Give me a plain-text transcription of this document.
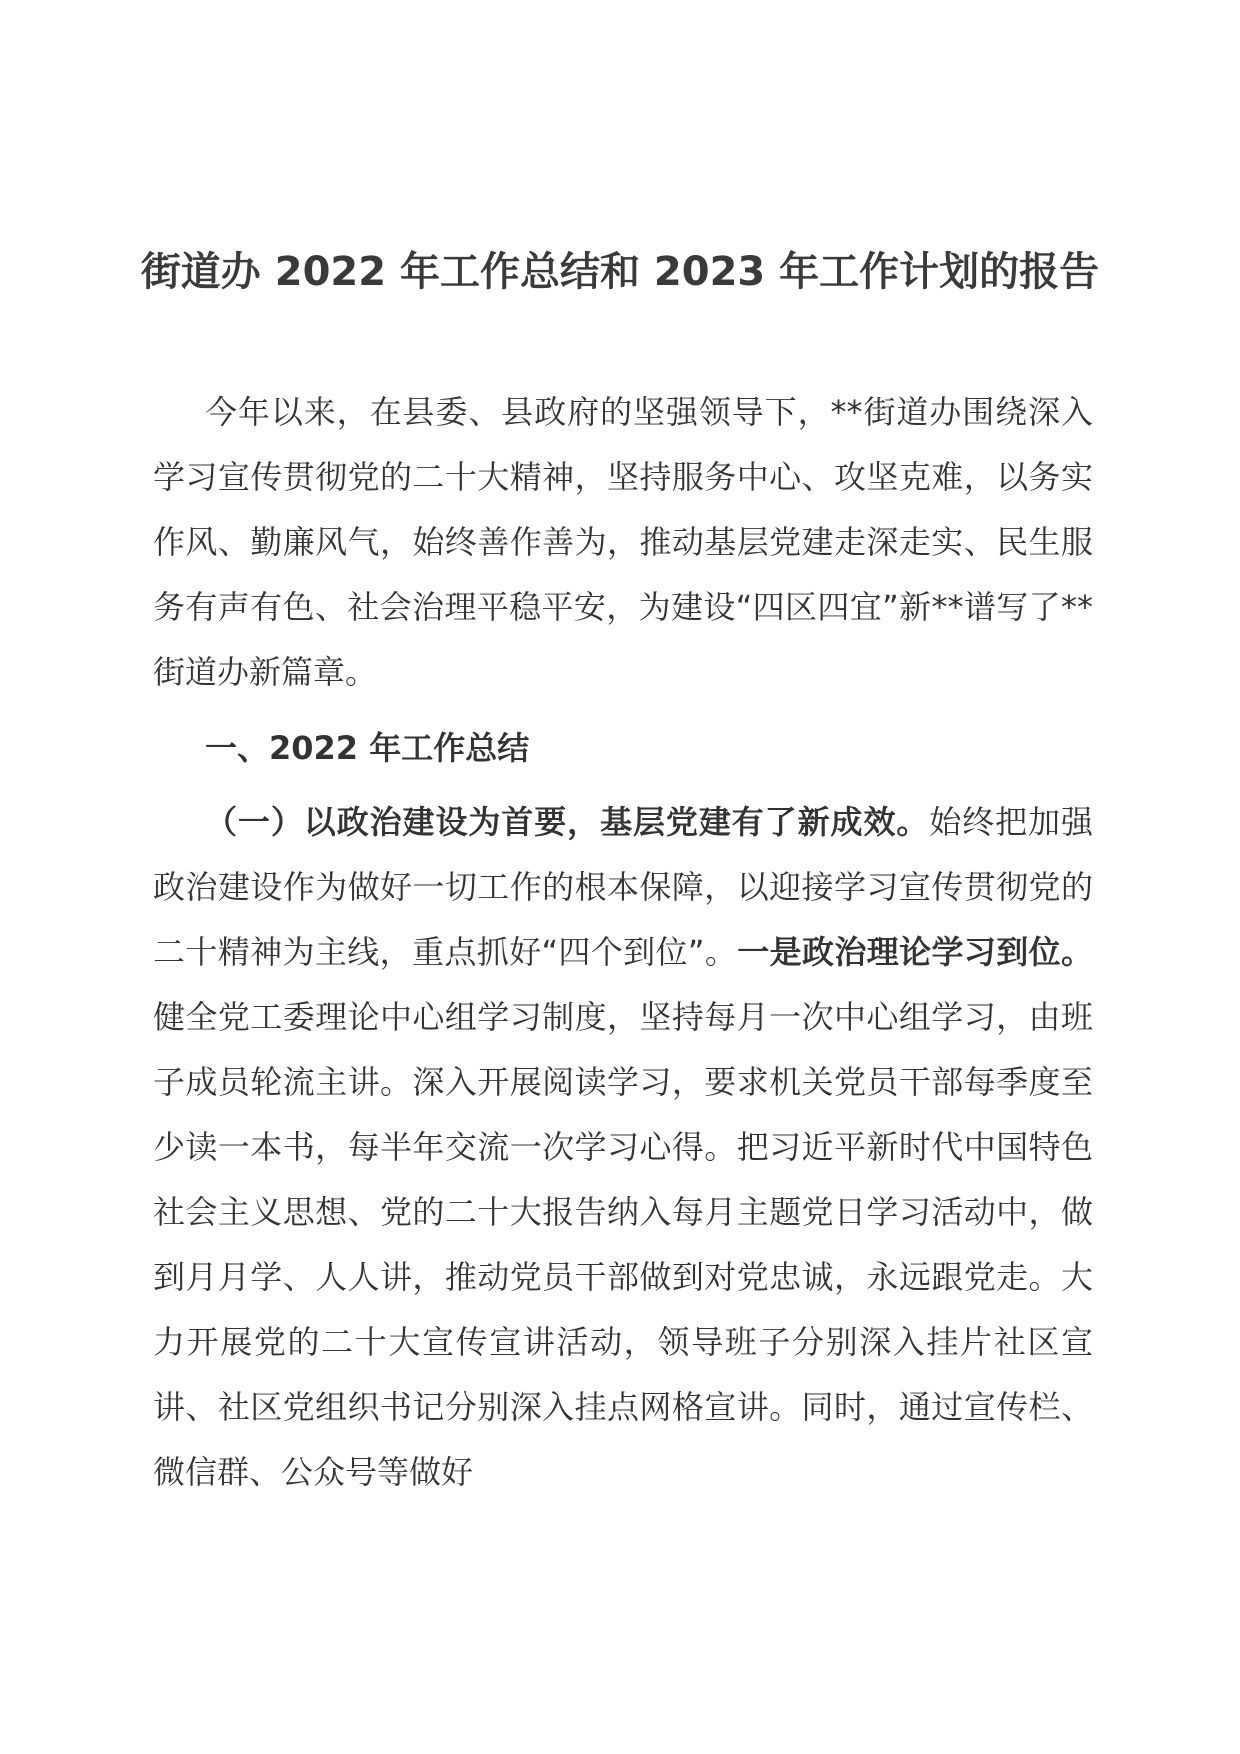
街道办 2022 年工作总结和 2023 年工作计划的报告

今年以来，在县委、县政府的坚强领导下，**街道办围绕深入学习宣传贯彻党的二十大精神，坚持服务中心、攻坚克难，以务实作风、勤廉风气，始终善作善为，推动基层党建走深走实、民生服务有声有色、社会治理平稳平安，为建设“四区四宜”新**谱写了**街道办新篇章。

一、2022 年工作总结

（一）以政治建设为首要，基层党建有了新成效。始终把加强政治建设作为做好一切工作的根本保障，以迎接学习宣传贯彻党的二十精神为主线，重点抓好“四个到位”。一是政治理论学习到位。健全党工委理论中心组学习制度，坚持每月一次中心组学习，由班子成员轮流主讲。深入开展阅读学习，要求机关党员干部每季度至少读一本书，每半年交流一次学习心得。把习近平新时代中国特色社会主义思想、党的二十大报告纳入每月主题党日学习活动中，做到月月学、人人讲，推动党员干部做到对党忠诚，永远跟党走。大力开展党的二十大宣传宣讲活动，领导班子分别深入挂片社区宣讲、社区党组织书记分别深入挂点网格宣讲。同时，通过宣传栏、微信群、公众号等做好
